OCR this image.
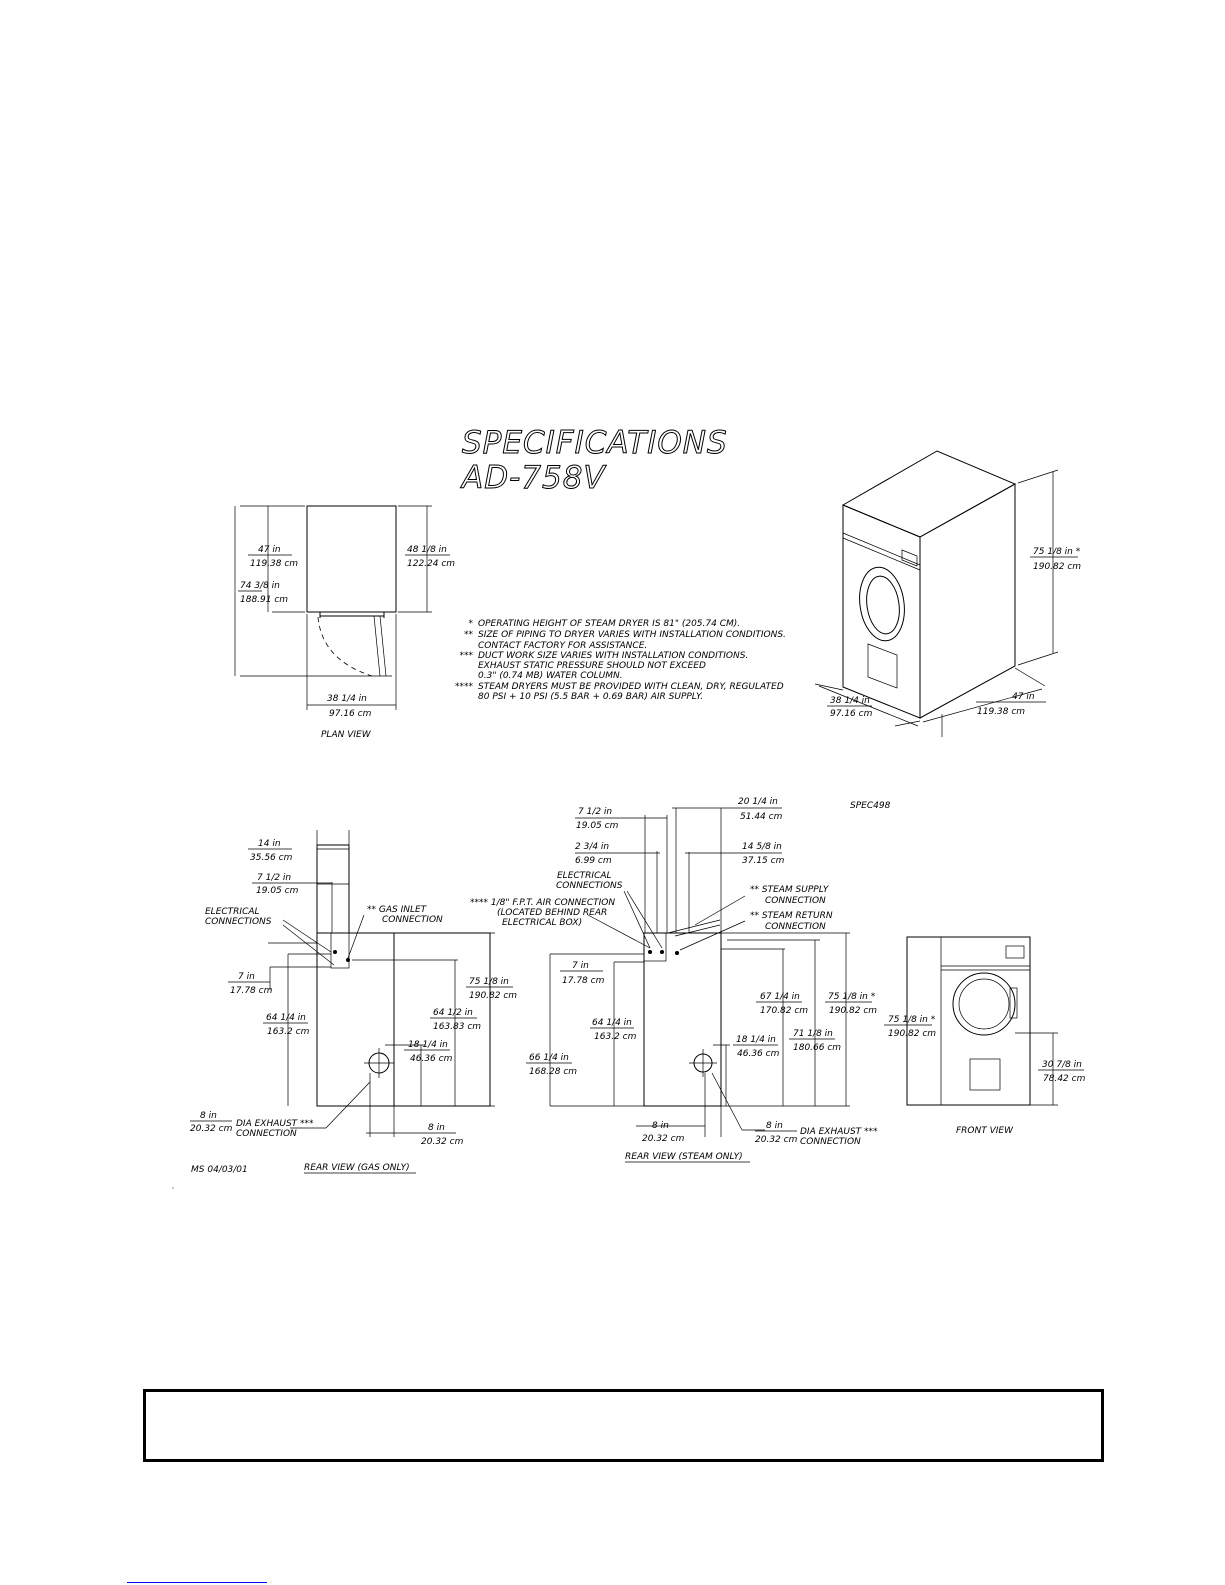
SPECIFICATIONS
AD-758V
47 in
119.38 cm
74 3/8 in
188.91 cm
48 1/8 in
122.24 cm
38 1/4 in
97.16 cm
PLAN VIEW
* OPERATING HEIGHT OF STEAM DRYER IS 81" (205.74 CM).
** SIZE OF PIPING TO DRYER VARIES WITH INSTALLATION CONDITIONS.
CONTACT FACTORY FOR ASSISTANCE.
*** DUCT WORK SIZE VARIES WITH INSTALLATION CONDITIONS.
EXHAUST STATIC PRESSURE SHOULD NOT EXCEED
0.3" (0.74 MB) WATER COLUMN.
**** STEAM DRYERS MUST BE PROVIDED WITH CLEAN, DRY, REGULATED
80 PSI + 10 PSI (5.5 BAR + 0.69 BAR) AIR SUPPLY.
75 1/8 in *
190.82 cm
38 1/4 in
97.16 cm
47 in
119.38 cm
SPEC498
14 in
35.56 cm
7 1/2 in
19.05 cm
ELECTRICAL
CONNECTIONS
** GAS INLET
CONNECTION
7 in
17.78 cm
75 1/8 in
190.82 cm
64 1/2 in
163.83 cm
64 1/4 in
163.2 cm
18 1/4 in
46.36 cm
8 in
20.32 cm DIA EXHAUST ***
CONNECTION
8 in
20.32 cm
MS 04/03/01	REAR VIEW (GAS ONLY)
7 1/2 in
19.05 cm
20 1/4 in
51.44 cm
2 3/4 in
6.99 cm
14 5/8 in
37.15 cm
ELECTRICAL
CONNECTIONS
**** 1/8" F.P.T. AIR CONNECTION
(LOCATED BEHIND REAR
ELECTRICAL BOX)
** STEAM SUPPLY
CONNECTION
** STEAM RETURN
CONNECTION
7 in
17.78 cm
64 1/4 in
163.2 cm
66 1/4 in
168.28 cm
67 1/4 in
170.82 cm
75 1/8 in *
190.82 cm
71 1/8 in
180.66 cm
18 1/4 in
46.36 cm
8 in
20.32 cm
8 in
20.32 cm
DIA EXHAUST ***
CONNECTION
REAR VIEW (STEAM ONLY)
75 1/8 in *
190.82 cm
30 7/8 in
78.42 cm
FRONT VIEW
